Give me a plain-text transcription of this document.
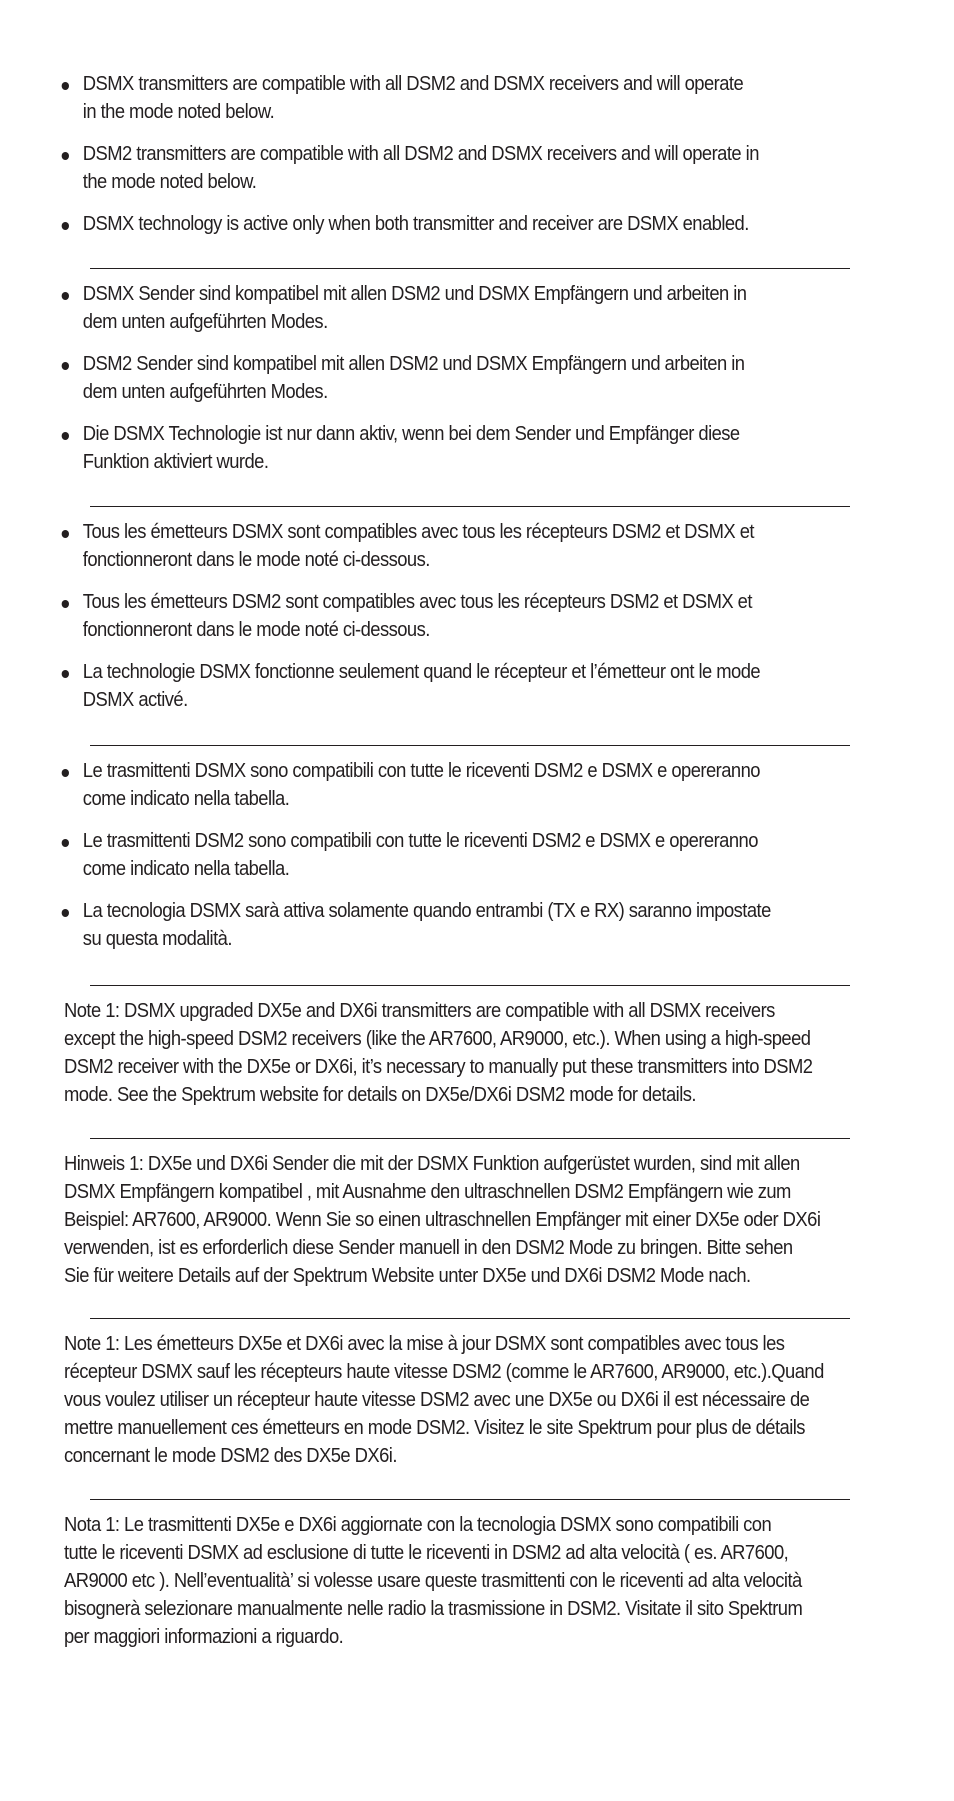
DSMX transmitters are compatible with all DSM2 and DSMX receivers and will operate
in the mode noted below.
DSM2 transmitters are compatible with all DSM2 and DSMX receivers and will operate in
the mode noted below.
DSMX technology is active only when both transmitter and receiver are DSMX enabled.
DSMX Sender sind kompatibel mit allen DSM2 und DSMX Empfängern und arbeiten in
dem unten aufgeführten Modes.
DSM2 Sender sind kompatibel mit allen DSM2 und DSMX Empfängern und arbeiten in
dem unten aufgeführten Modes.
Die DSMX Technologie ist nur dann aktiv, wenn bei dem Sender und Empfänger diese
Funktion aktiviert wurde.
Tous les émetteurs DSMX sont compatibles avec tous les récepteurs DSM2 et DSMX et
fonctionneront dans le mode noté ci-dessous.
Tous les émetteurs DSM2 sont compatibles avec tous les récepteurs DSM2 et DSMX et
fonctionneront dans le mode noté ci-dessous.
La technologie DSMX fonctionne seulement quand le récepteur et l’émetteur ont le mode
DSMX activé.
Le trasmittenti DSMX sono compatibili con tutte le riceventi DSM2 e DSMX e opereranno
come indicato nella tabella.
Le trasmittenti DSM2 sono compatibili con tutte le riceventi DSM2 e DSMX e opereranno
come indicato nella tabella.
La tecnologia DSMX sarà attiva solamente quando entrambi (TX e RX) saranno impostate
su questa modalità.
Note 1: DSMX upgraded DX5e and DX6i transmitters are compatible with all DSMX receivers
except the high-speed DSM2 receivers (like the AR7600, AR9000, etc.). When using a high-speed
DSM2 receiver with the DX5e or DX6i, it’s necessary to manually put these transmitters into DSM2
mode. See the Spektrum website for details on DX5e/DX6i DSM2 mode for details.
Hinweis 1: DX5e und DX6i Sender die mit der DSMX Funktion aufgerüstet wurden, sind mit allen
DSMX Empfängern kompatibel , mit Ausnahme den ultraschnellen DSM2 Empfängern wie zum
Beispiel: AR7600, AR9000. Wenn Sie so einen ultraschnellen Empfänger mit einer DX5e oder DX6i
verwenden, ist es erforderlich diese Sender manuell in den DSM2 Mode zu bringen. Bitte sehen
Sie für weitere Details auf der Spektrum Website unter DX5e und DX6i DSM2 Mode nach.
Note 1: Les émetteurs DX5e et DX6i avec la mise à jour DSMX sont compatibles avec tous les
récepteur DSMX sauf les récepteurs haute vitesse DSM2 (comme le AR7600, AR9000, etc.).Quand
vous voulez utiliser un récepteur haute vitesse DSM2 avec une DX5e ou DX6i il est nécessaire de
mettre manuellement ces émetteurs en mode DSM2. Visitez le site Spektrum pour plus de détails
concernant le mode DSM2 des DX5e DX6i.
Nota 1: Le trasmittenti DX5e e DX6i aggiornate con la tecnologia DSMX sono compatibili con
tutte le riceventi DSMX ad esclusione di tutte le riceventi in DSM2 ad alta velocità ( es. AR7600,
AR9000 etc ). Nell’eventualità’ si volesse usare queste trasmittenti con le riceventi ad alta velocità
bisognerà selezionare manualmente nelle radio la trasmissione in DSM2. Visitate il sito Spektrum
per maggiori informazioni a riguardo.
